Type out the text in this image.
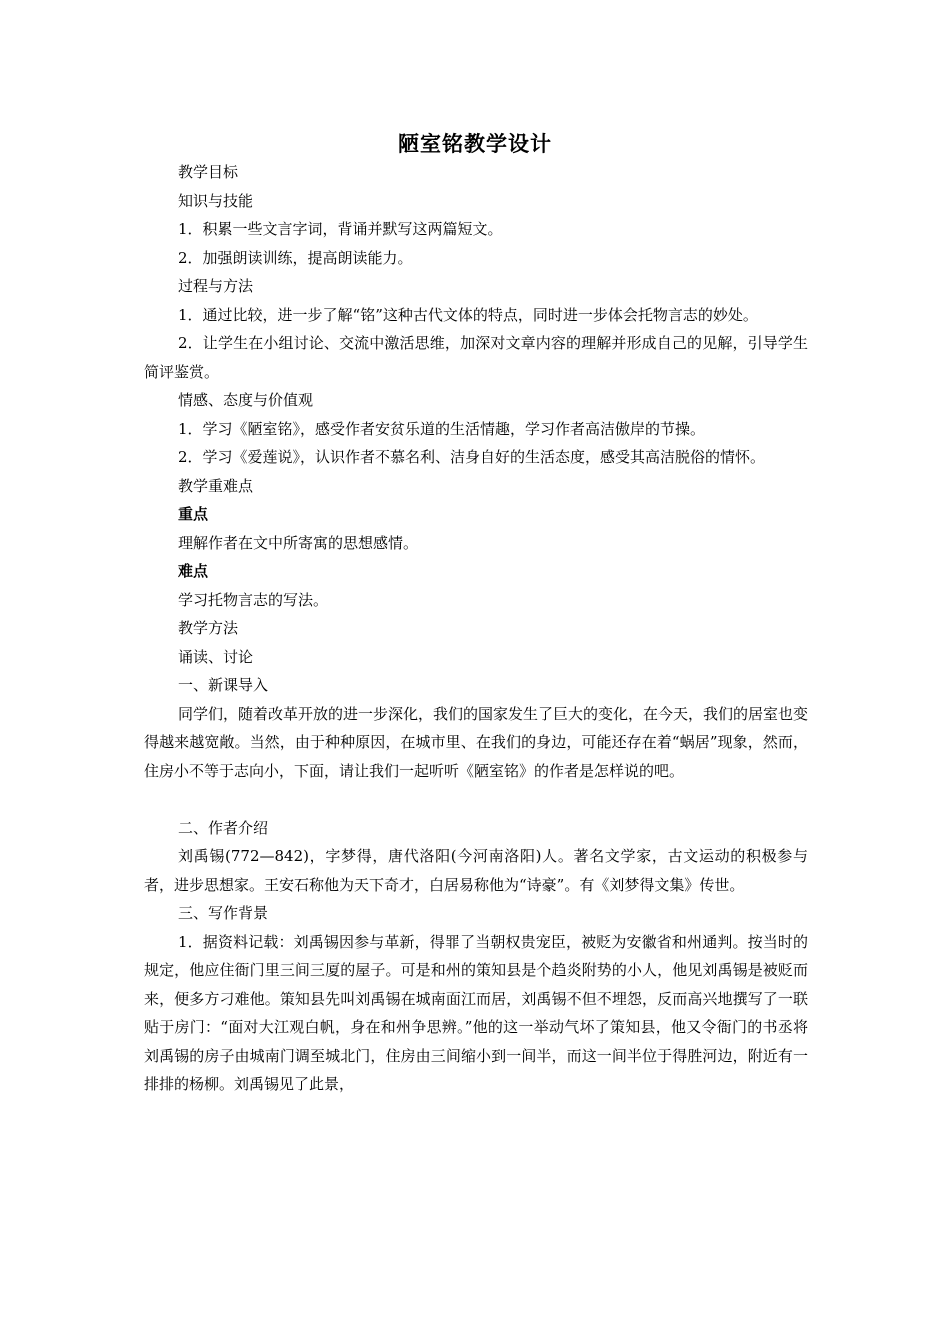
陋室铭教学设计

教学目标

知识与技能

1．积累一些文言字词，背诵并默写这两篇短文。

2．加强朗读训练，提高朗读能力。

过程与方法

1．通过比较，进一步了解“铭”这种古代文体的特点，同时进一步体会托物言志的妙处。

2．让学生在小组讨论、交流中激活思维，加深对文章内容的理解并形成自己的见解，引导学生简评鉴赏。

情感、态度与价值观

1．学习《陋室铭》，感受作者安贫乐道的生活情趣，学习作者高洁傲岸的节操。

2．学习《爱莲说》，认识作者不慕名利、洁身自好的生活态度，感受其高洁脱俗的情怀。

教学重难点

重点

理解作者在文中所寄寓的思想感情。

难点

学习托物言志的写法。

教学方法

诵读、讨论

一、新课导入

同学们，随着改革开放的进一步深化，我们的国家发生了巨大的变化，在今天，我们的居室也变得越来越宽敞。当然，由于种种原因，在城市里、在我们的身边，可能还存在着“蜗居”现象，然而，住房小不等于志向小，下面，请让我们一起听听《陋室铭》的作者是怎样说的吧。

二、作者介绍

刘禹锡(772—842)，字梦得，唐代洛阳(今河南洛阳)人。著名文学家，古文运动的积极参与者，进步思想家。王安石称他为天下奇才，白居易称他为“诗豪”。有《刘梦得文集》传世。

三、写作背景

1．据资料记载：刘禹锡因参与革新，得罪了当朝权贵宠臣，被贬为安徽省和州通判。按当时的规定，他应住衙门里三间三厦的屋子。可是和州的策知县是个趋炎附势的小人，他见刘禹锡是被贬而来，便多方刁难他。策知县先叫刘禹锡在城南面江而居，刘禹锡不但不埋怨，反而高兴地撰写了一联贴于房门：“面对大江观白帆，身在和州争思辨。”他的这一举动气坏了策知县，他又令衙门的书丞将刘禹锡的房子由城南门调至城北门，住房由三间缩小到一间半，而这一间半位于得胜河边，附近有一排排的杨柳。刘禹锡见了此景，
